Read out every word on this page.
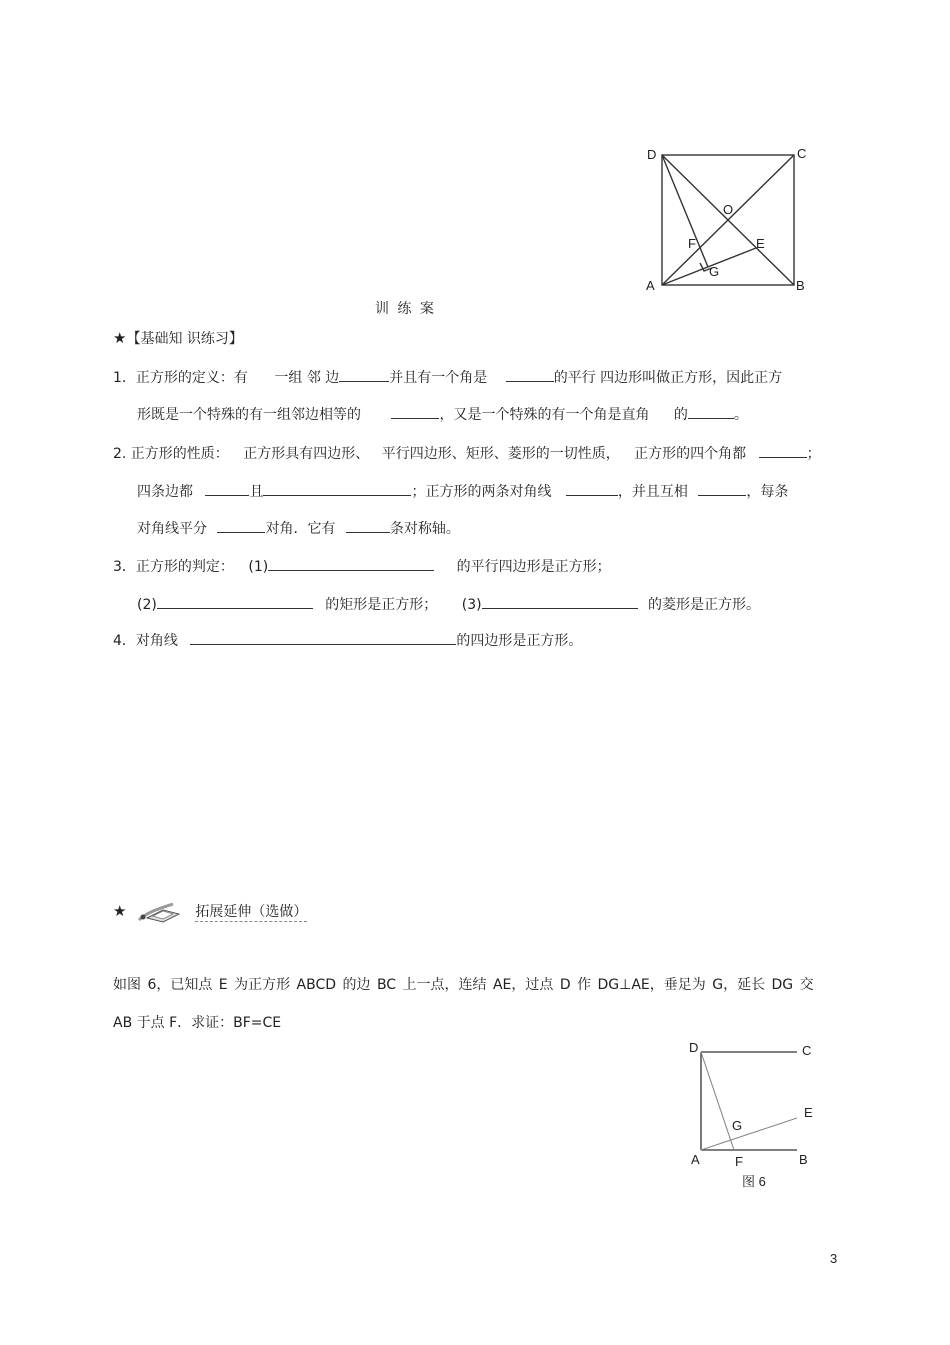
D	C
O
F	E
G
A	B
训 练 案
★【基础知 识练习】
1．正方形的定义：有 一组 邻 边	并且有一个角是	的平行 四边形叫做正方形，因此正方
形既是一个特殊的有一组邻边相等的	，又是一个特殊的有一个角是直角 的	。
2. 正方形的性质： 正方形具有四边形、 平行四边形、矩形、菱形的一切性质， 正方形的四个角都	；
四条边都	且	；正方形的两条对角线	，并且互相	，每条
对角线平分	对角．它有	条对称轴。
3．正方形的判定： (1)	的平行四边形是正方形；
(2)	的矩形是正方形； (3)	的菱形是正方形。
4．对角线	的四边形是正方形。
★	拓展延伸（选做）
如图 6，已知点 E 为正方形 ABCD 的边 BC 上一点，连结 AE，过点 D 作 DG⊥AE，垂足为 G，延长 DG 交
AB 于点 F．求证：BF=CE
D	C
E
G
A	F	B
图 6
3
